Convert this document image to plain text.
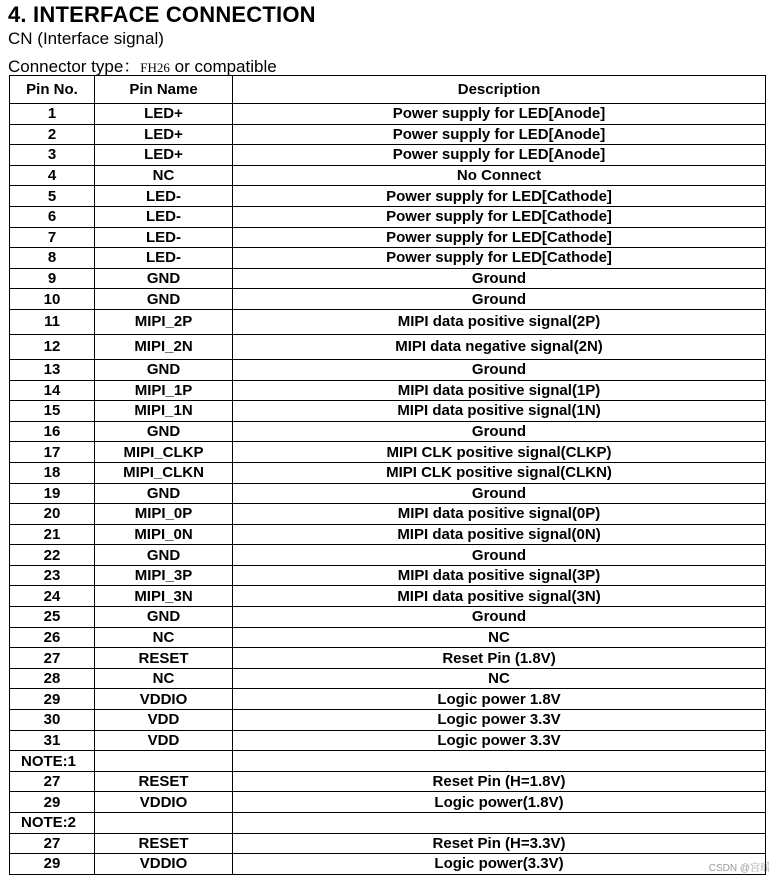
4. INTERFACE CONNECTION
CN (Interface signal)
Connector type：FH26 or compatible
Pin No.	Pin Name	Description
1	LED+	Power supply for LED[Anode]
2	LED+	Power supply for LED[Anode]
3	LED+	Power supply for LED[Anode]
4	NC	No Connect
5	LED-	Power supply for LED[Cathode]
6	LED-	Power supply for LED[Cathode]
7	LED-	Power supply for LED[Cathode]
8	LED-	Power supply for LED[Cathode]
9	GND	Ground
10	GND	Ground
11	MIPI_2P	MIPI data positive signal(2P)
12	MIPI_2N	MIPI data negative signal(2N)
13	GND	Ground
14	MIPI_1P	MIPI data positive signal(1P)
15	MIPI_1N	MIPI data positive signal(1N)
16	GND	Ground
17	MIPI_CLKP	MIPI CLK positive signal(CLKP)
18	MIPI_CLKN	MIPI CLK positive signal(CLKN)
19	GND	Ground
20	MIPI_0P	MIPI data positive signal(0P)
21	MIPI_0N	MIPI data positive signal(0N)
22	GND	Ground
23	MIPI_3P	MIPI data positive signal(3P)
24	MIPI_3N	MIPI data positive signal(3N)
25	GND	Ground
26	NC	NC
27	RESET	Reset Pin (1.8V)
28	NC	NC
29	VDDIO	Logic power 1.8V
30	VDD	Logic power 3.3V
31	VDD	Logic power 3.3V
NOTE:1		
27	RESET	Reset Pin (H=1.8V)
29	VDDIO	Logic power(1.8V)
NOTE:2		
27	RESET	Reset Pin (H=3.3V)
29	VDDIO	Logic power(3.3V)	CSDN @宫瑶
